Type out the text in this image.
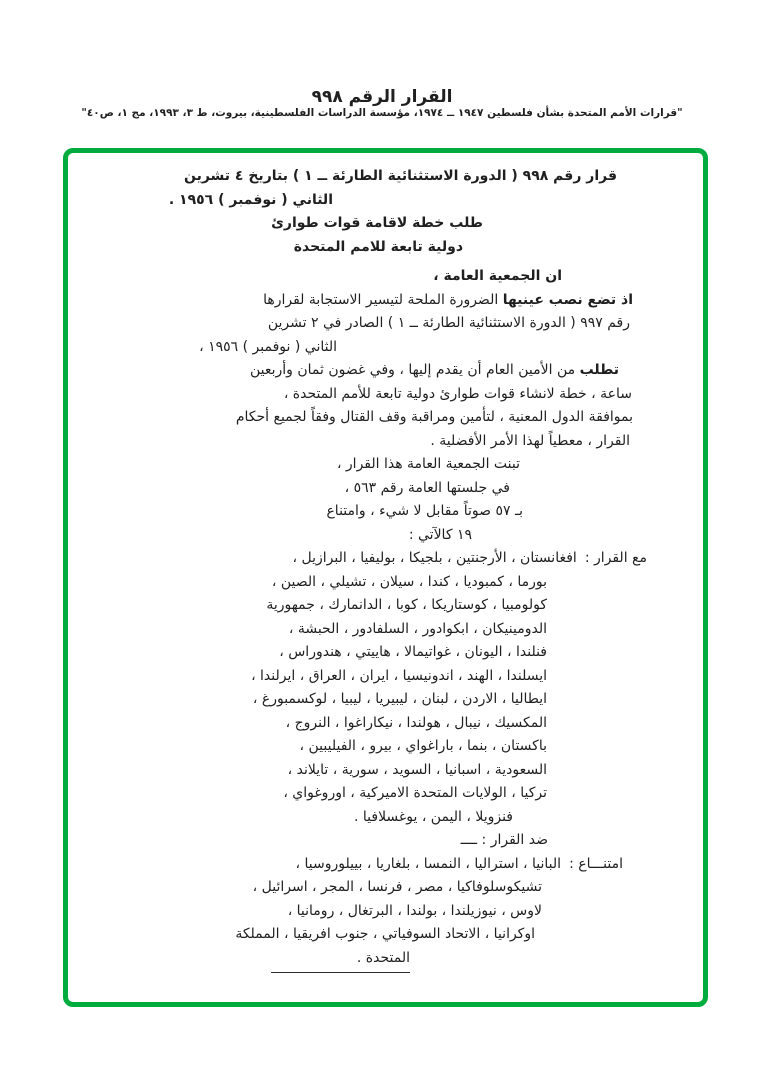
القرار الرقم ٩٩٨
"قرارات الأمم المتحدة بشأن فلسطين ١٩٤٧ ــ ١٩٧٤، مؤسسة الدراسات الفلسطينية، بيروت، ط ٣، ١٩٩٣، مج ١، ص٤٠"
قرار رقم ٩٩٨ ( الدورة الاستثنائية الطارئة ــ ١ ) بتاريخ ٤ تشرين
الثاني ( نوفمبر ) ١٩٥٦ .
طلب خطة لاقامة قوات طوارئ
دولية تابعة للامم المتحدة
ان الجمعية العامة ،
اذ تضع نصب عينيها الضرورة الملحة لتيسير الاستجابة لقرارها
رقم ٩٩٧ ( الدورة الاستثنائية الطارئة ــ ١ ) الصادر في ٢ تشرين
الثاني ( نوفمبر ) ١٩٥٦ ،
تطلب من الأمين العام أن يقدم إليها ، وفي غضون ثمان وأربعين
ساعة ، خطة لانشاء قوات طوارئ دولية تابعة للأمم المتحدة ،
بموافقة الدول المعنية ، لتأمين ومراقبة وقف القتال وفقاً لجميع أحكام
القرار ، معطياً لهذا الأمر الأفضلية .
تبنت الجمعية العامة هذا القرار ،
في جلستها العامة رقم ٥٦٣ ،
بـ ٥٧ صوتاً مقابل لا شيء ، وامتناع
١٩ كالآتي :
مع القرار :افغانستان ، الأرجنتين ، بلجيكا ، بوليفيا ، البرازيل ،
بورما ، كمبوديا ، كندا ، سيلان ، تشيلي ، الصين ،
كولومبيا ، كوستاريكا ، كوبا ، الدانمارك ، جمهورية
الدومينيكان ، ابكوادور ، السلفادور ، الحبشة ،
فنلندا ، اليونان ، غواتيمالا ، هاييتي ، هندوراس ،
ايسلندا ، الهند ، اندونيسيا ، ايران ، العراق ، ايرلندا ،
ايطاليا ، الاردن ، لبنان ، ليبيريا ، ليبيا ، لوكسمبورغ ،
المكسيك ، نيبال ، هولندا ، نيكاراغوا ، النروج ،
باكستان ، بنما ، باراغواي ، بيرو ، الفيليبين ،
السعودية ، اسبانيا ، السويد ، سورية ، تايلاند ،
تركيا ، الولايات المتحدة الاميركية ، اوروغواي ،
فنزويلا ، اليمن ، يوغسلافيا .
ضد القرار : ــــ
امتنـــاع :البانيا ، استراليا ، النمسا ، بلغاريا ، بييلوروسيا ،
تشيكوسلوفاكيا ، مصر ، فرنسا ، المجر ، اسرائيل ،
لاوس ، نيوزيلندا ، بولندا ، البرتغال ، رومانيا ،
اوكرانيا ، الاتحاد السوفياتي ، جنوب افريقيا ، المملكة
المتحدة .
